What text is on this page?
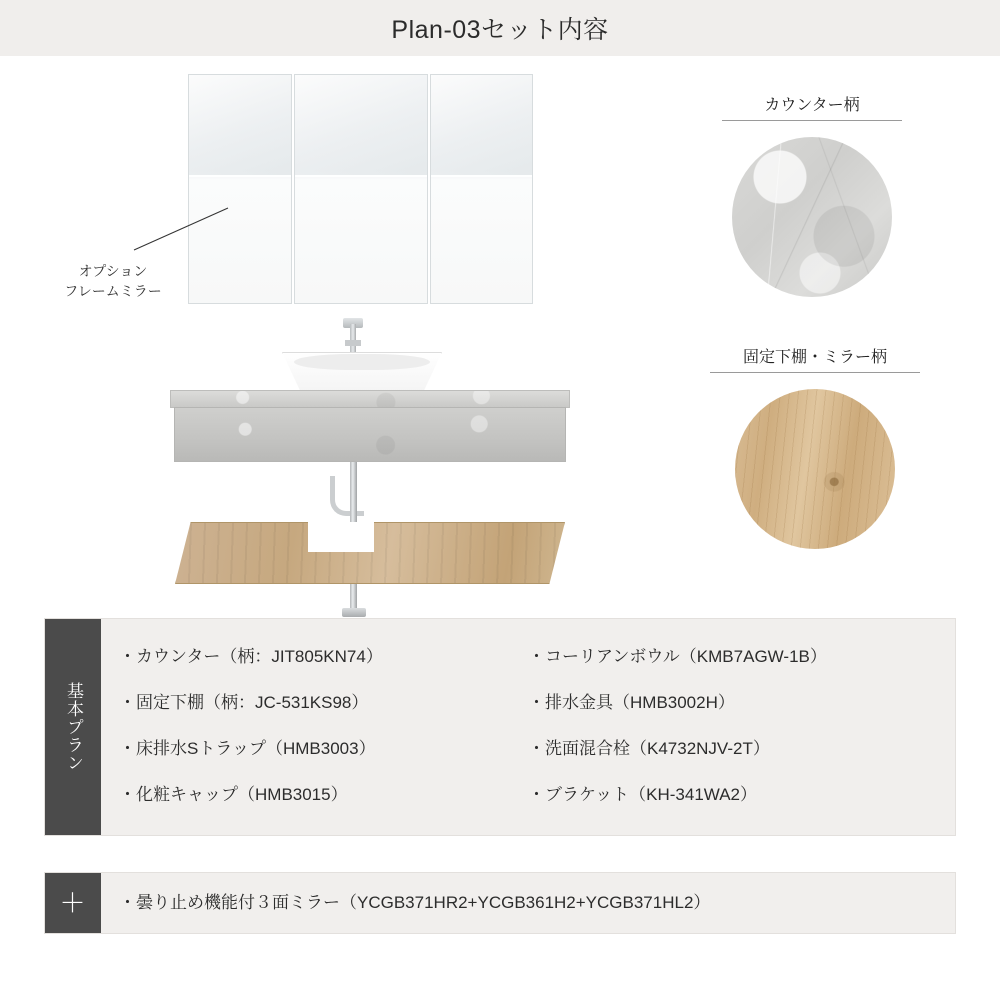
Plan-03セット内容
オプション
フレームミラー
カウンター柄
固定下棚・ミラー柄
基本プラン
・カウンター（柄：JIT805KN74）	・コーリアンボウル（KMB7AGW-1B）
・固定下棚（柄：JC-531KS98）	・排水金具（HMB3002H）
・床排水Sトラップ（HMB3003）	・洗面混合栓（K4732NJV-2T）
・化粧キャップ（HMB3015）	・ブラケット（KH-341WA2）
＋	・曇り止め機能付３面ミラー（YCGB371HR2+YCGB361H2+YCGB371HL2）
